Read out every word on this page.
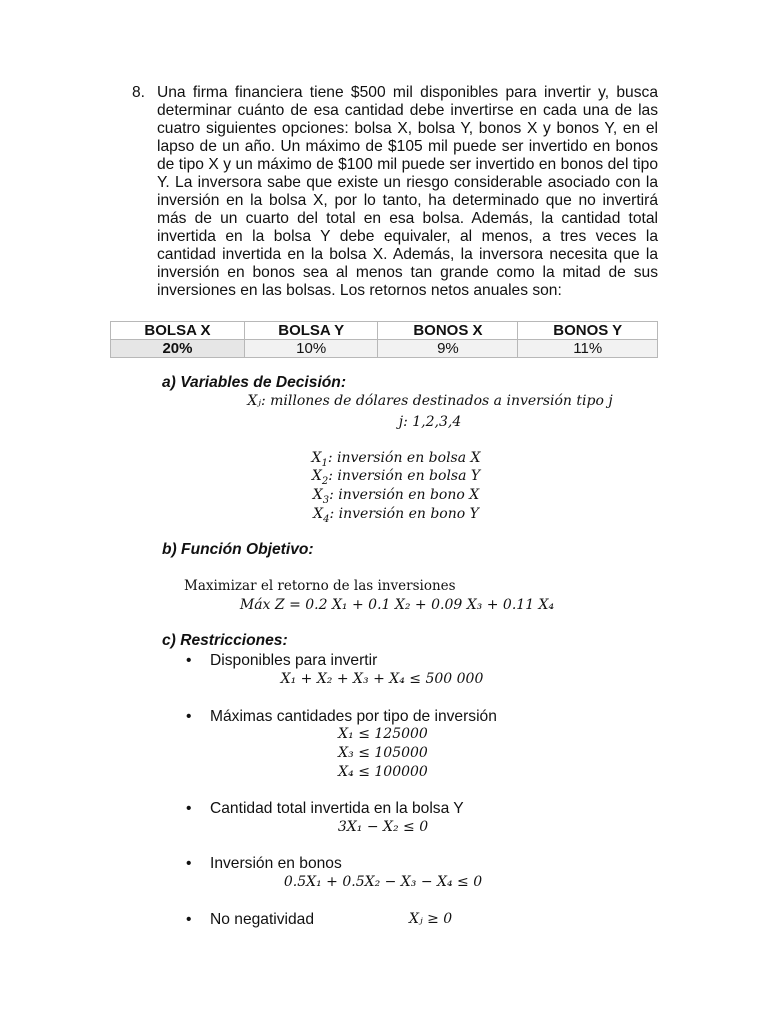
8. Una firma financiera tiene $500 mil disponibles para invertir y, busca determinar cuánto de esa cantidad debe invertirse en cada una de las cuatro siguientes opciones: bolsa X, bolsa Y, bonos X y bonos Y, en el lapso de un año. Un máximo de $105 mil puede ser invertido en bonos de tipo X y un máximo de $100 mil puede ser invertido en bonos del tipo Y. La inversora sabe que existe un riesgo considerable asociado con la inversión en la bolsa X, por lo tanto, ha determinado que no invertirá más de un cuarto del total en esa bolsa. Además, la cantidad total invertida en la bolsa Y debe equivaler, al menos, a tres veces la cantidad invertida en la bolsa X. Además, la inversora necesita que la inversión en bonos sea al menos tan grande como la mitad de sus inversiones en las bolsas. Los retornos netos anuales son:
BOLSA X	BOLSA Y	BONOS X	BONOS Y
20%	10%	9%	11%
a) Variables de Decisión:
Xⱼ: millones de dólares destinados a inversión tipo j
j: 1,2,3,4
$X_1$: inversión en bolsa X
$X_2$: inversión en bolsa Y
$X_3$: inversión en bono X
$X_4$: inversión en bono Y
b) Función Objetivo:
Maximizar el retorno de las inversiones
Máx Z = 0.2 X₁ + 0.1 X₂ + 0.09 X₃ + 0.11 X₄
c) Restricciones:
• Disponibles para invertir
X₁ + X₂ + X₃ + X₄ ≤ 500 000
• Máximas cantidades por tipo de inversión
X₁ ≤ 125000
X₃ ≤ 105000
X₄ ≤ 100000
• Cantidad total invertida en la bolsa Y
3X₁ − X₂ ≤ 0
• Inversión en bonos
0.5X₁ + 0.5X₂ − X₃ − X₄ ≤ 0
• No negatividad	Xⱼ ≥ 0
